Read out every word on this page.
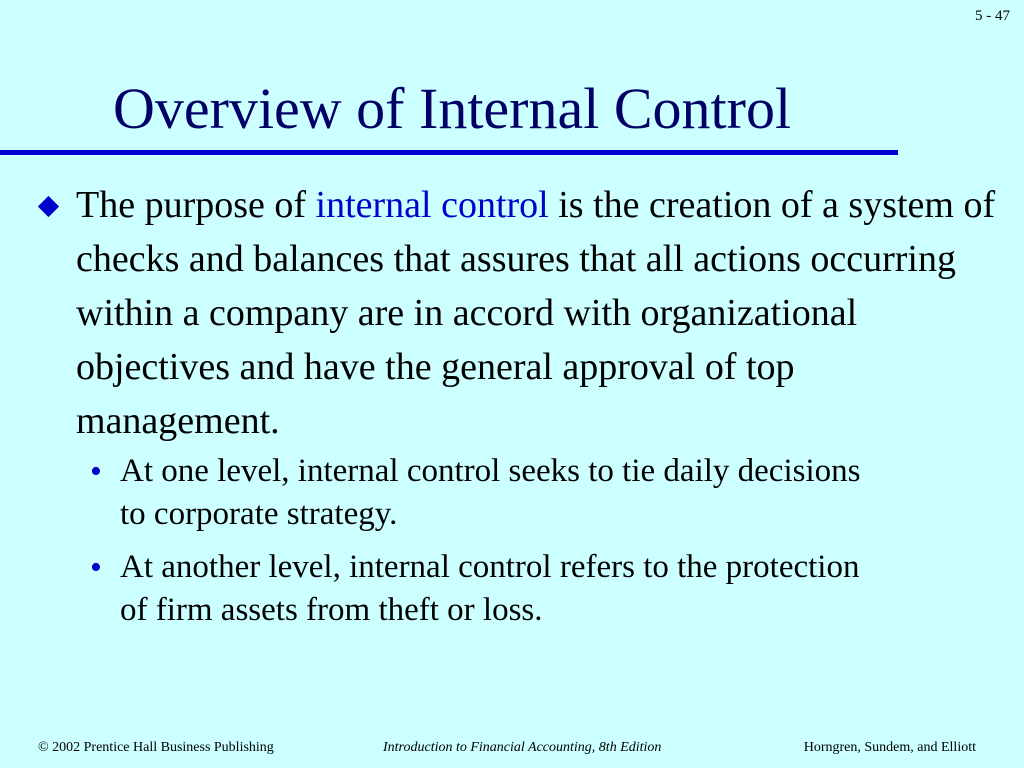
5 - 47
Overview of Internal Control
The purpose of internal control is the creation of a system of checks and balances that assures that all actions occurring within a company are in accord with organizational objectives and have the general approval of top management.
• At one level, internal control seeks to tie daily decisions to corporate strategy.
• At another level, internal control refers to the protection of firm assets from theft or loss.
© 2002 Prentice Hall Business Publishing	Introduction to Financial Accounting, 8th Edition	Horngren, Sundem, and Elliott
